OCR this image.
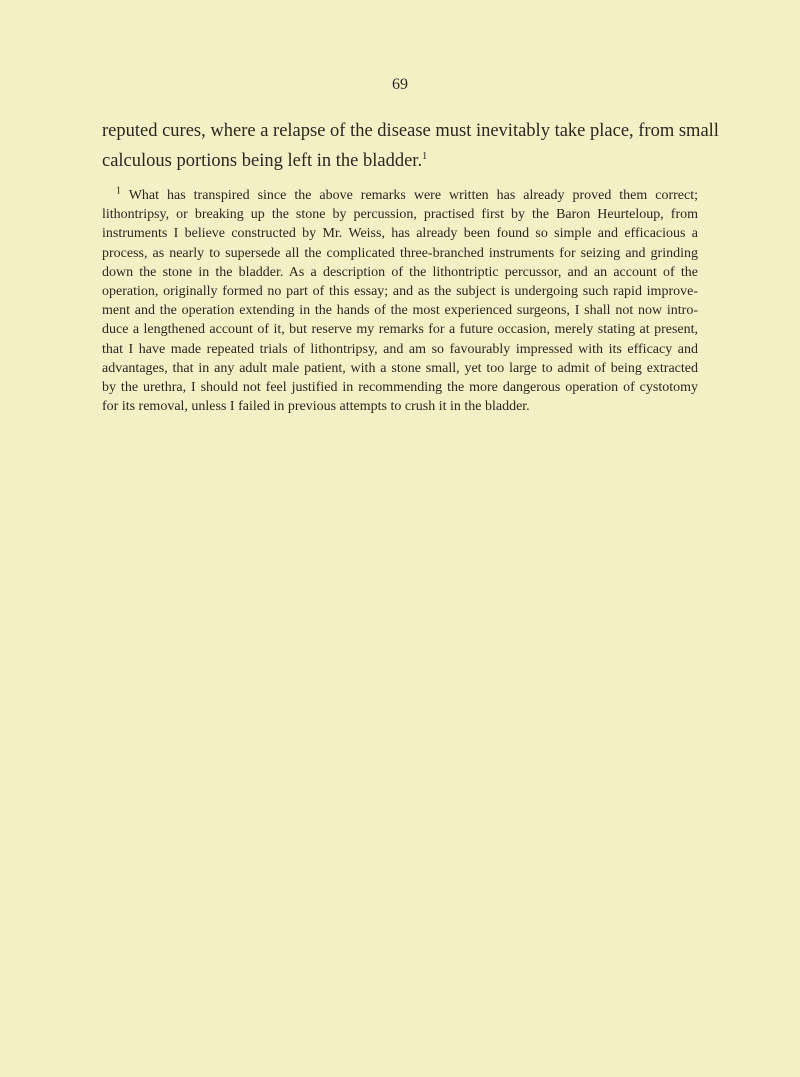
69
reputed cures, where a relapse of the disease must inevitably take place, from small
calculous portions being left in the bladder.$^1$
$^1$ What has transpired since the above remarks were written has already proved them correct;
lithontripsy, or breaking up the stone by percussion, practised first by the Baron Heurteloup, from
instruments I believe constructed by Mr. Weiss, has already been found so simple and efficacious a
process, as nearly to supersede all the complicated three-branched instruments for seizing and grinding
down the stone in the bladder. As a description of the lithontriptic percussor, and an account of the
operation, originally formed no part of this essay; and as the subject is undergoing such rapid improve-
ment and the operation extending in the hands of the most experienced surgeons, I shall not now intro-
duce a lengthened account of it, but reserve my remarks for a future occasion, merely stating at present,
that I have made repeated trials of lithontripsy, and am so favourably impressed with its efficacy and
advantages, that in any adult male patient, with a stone small, yet too large to admit of being extracted
by the urethra, I should not feel justified in recommending the more dangerous operation of cystotomy
for its removal, unless I failed in previous attempts to crush it in the bladder.
